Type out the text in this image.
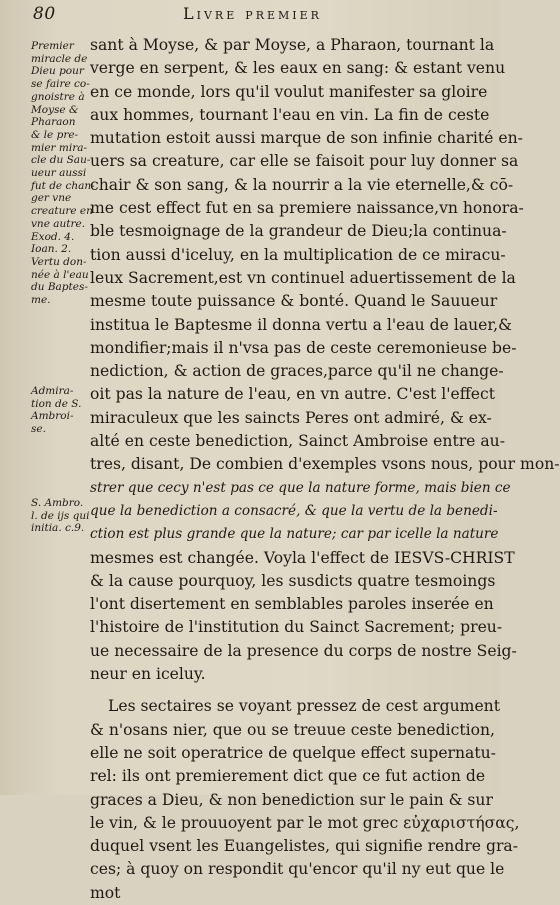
80	Livre premier
Premier
miracle de
Dieu pour
se faire co-
gnoistre à
Moyse &
Pharaon
& le pre-
mier mira-
cle du Sau-
ueur aussi
fut de chan-
ger vne
creature en
vne autre.
Exod. 4.
Ioan. 2.
Vertu don-
née à l'eau
du Baptes-
me.
Admira-
tion de S.
Ambroi-
se.
S. Ambro.
l. de ijs qui
initia. c.9.
sant à Moyse, & par Moyse, a Pharaon, tournant la
verge en serpent, & les eaux en sang: & estant venu
en ce monde, lors qu'il voulut manifester sa gloire
aux hommes, tournant l'eau en vin. La fin de ceste
mutation estoit aussi marque de son infinie charité en-
uers sa creature, car elle se faisoit pour luy donner sa
chair & son sang, & la nourrir a la vie eternelle,& cō-
me cest effect fut en sa premiere naissance,vn honora-
ble tesmoignage de la grandeur de Dieu;la continua-
tion aussi d'iceluy, en la multiplication de ce miracu-
leux Sacrement,est vn continuel aduertissement de la
mesme toute puissance & bonté. Quand le Sauueur
institua le Baptesme il donna vertu a l'eau de lauer,&
mondifier;mais il n'vsa pas de ceste ceremonieuse be-
nediction, & action de graces,parce qu'il ne change-
oit pas la nature de l'eau, en vn autre. C'est l'effect
miraculeux que les saincts Peres ont admiré, & ex-
alté en ceste benediction, Sainct Ambroise entre au-
tres, disant, De combien d'exemples vsons nous, pour mon-
strer que cecy n'est pas ce que la nature forme, mais bien ce
que la benediction a consacré, & que la vertu de la benedi-
ction est plus grande que la nature; car par icelle la nature
mesmes est changée. Voyla l'effect de IESVS-CHRIST
& la cause pourquoy, les susdicts quatre tesmoings
l'ont disertement en semblables paroles inserée en
l'histoire de l'institution du Sainct Sacrement; preu-
ue necessaire de la presence du corps de nostre Seig-
neur en iceluy.
Les sectaires se voyant pressez de cest argument
& n'osans nier, que ou se treuue ceste benediction,
elle ne soit operatrice de quelque effect supernatu-
rel: ils ont premierement dict que ce fut action de
graces a Dieu, & non benediction sur le pain & sur
le vin, & le prouuoyent par le mot grec εὐχαριστήσας,
duquel vsent les Euangelistes, qui signifie rendre gra-
ces; à quoy on respondit qu'encor qu'il ny eut que le
mot
